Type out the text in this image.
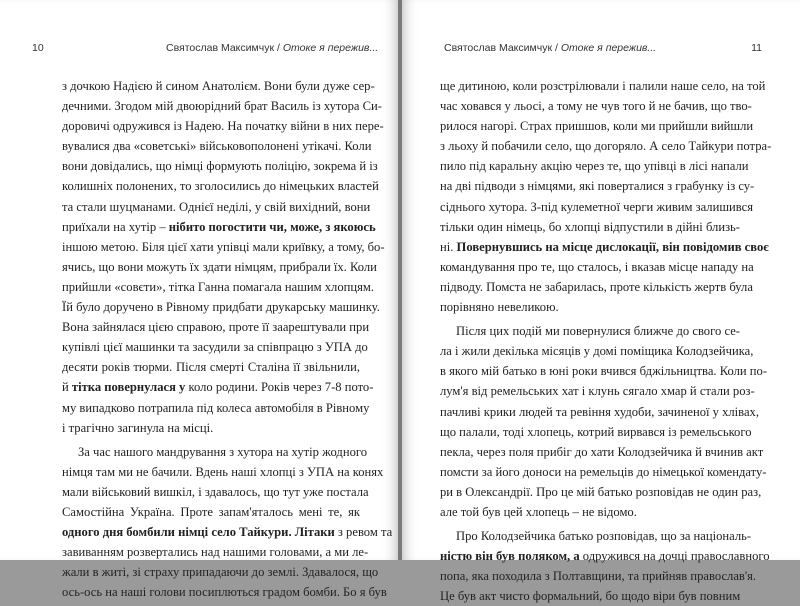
10	Святослав Максимчук / Отоке я пережив...
з дочкою Надією й сином Анатолієм. Вони були дуже сер-
дечними. Згодом мій двоюрідний брат Василь із хутора Си-
доровичі одружився із Надею. На початку війни в них пере-
вувалися два «советські» військовополонені утікачі. Коли
вони довідались, що німці формують поліцію, зокрема й із
колишніх полонених, то зголосились до німецьких властей
та стали шуцманами. Однієї неділі, у свій вихідний, вони
приїхали на хутір – нібито погостити чи, може, з якоюсь
іншою метою. Біля цієї хати упівці мали криївку, а тому, бо-
ячись, що вони можуть їх здати німцям, прибрали їх. Коли
прийшли «совєти», тітка Ганна помагала нашим хлопцям.
Їй було доручено в Рівному придбати друкарську машинку.
Вона зайнялася цією справою, проте її заарештували при
купівлі цієї машинки та засудили за співпрацю з УПА до
десяти років тюрми. Після смерті Сталіна її звільнили,
й тітка повернулася у коло родини. Років через 7-8 пото-
му випадково потрапила під колеса автомобіля в Рівному
і трагічно загинула на місці.
За час нашого мандрування з хутора на хутір жодного
німця там ми не бачили. Вдень наші хлопці з УПА на конях
мали військовий вишкіл, і здавалось, що тут уже постала
Самостійна Україна. Проте запам'яталось мені те, як
одного дня бомбили німці село Тайкури. Літаки з ревом та
завиванням розвертались над нашими головами, а ми ле-
жали в житі, зі страху припадаючи до землі. Здавалося, що
ось-ось на наші голови посиплються градом бомби. Бо я був
Святослав Максимчук / Отоке я пережив...	11
ще дитиною, коли розстрілювали і палили наше село, на той
час ховався у льосі, а тому не чув того й не бачив, що тво-
рилося нагорі. Страх пришшов, коли ми прийшли вийшли
з льоху й побачили село, що догоряло. А село Тайкури потра-
пило під каральну акцію через те, що упівці в лісі напали
на дві підводи з німцями, які поверталися з грабунку із су-
сіднього хутора. З-під кулеметної черги живим залишився
тільки один німець, бо хлопці відпустили в дійні близь-
ні. Повернувшись на місце дислокації, він повідомив своє
командування про те, що сталось, і вказав місце нападу на
підводу. Помста не забарилась, проте кількість жертв була
порівняно невеликою.
Після цих подій ми повернулися ближче до свого се-
ла і жили декілька місяців у домі поміщика Колодзейчика,
в якого мій батько в юні роки вчився бджільництва. Коли по-
лум'я від ремельських хат і клунь сягало хмар й стали роз-
пачливі крики людей та ревіння худоби, зачиненої у хлівах,
що палали, тоді хлопець, котрий вирвався із ремельського
пекла, через поля прибіг до хати Колодзейчика й вчинив акт
помсти за його доноси на ремельців до німецької комендату-
ри в Олександрії. Про це мій батько розповідав не один раз,
але той був цей хлопець – не відомо.
Про Колодзейчика батько розповідав, що за національ-
ністю він був поляком, а одружився на дочці православного
попа, яка походила з Полтавщини, та прийняв православ'я.
Це був акт чисто формальний, бо щодо віри був повним
